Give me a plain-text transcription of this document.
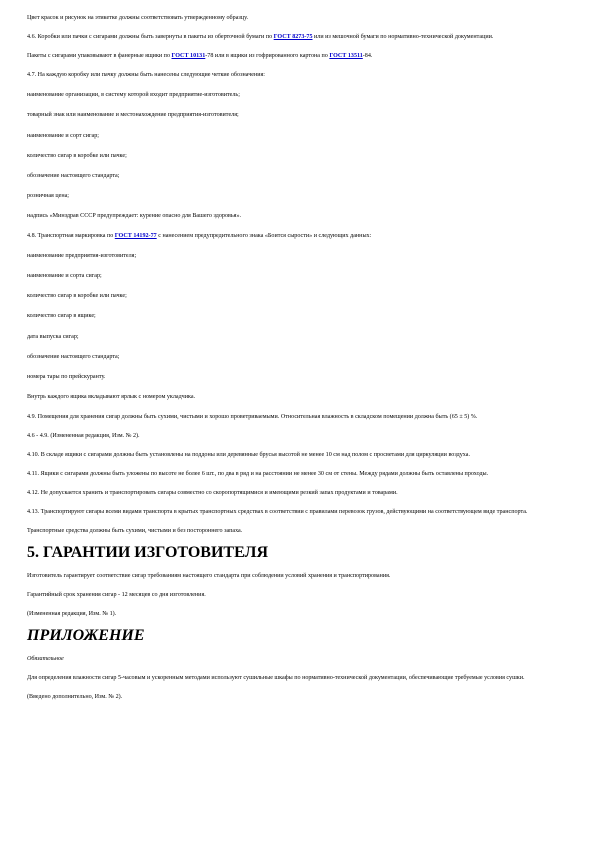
Цвет красок и рисунок на этикетке должны соответствовать утвержденному образцу.

4.6. Коробки или пачки с сигарами должны быть завернуты в пакеты из оберточной бумаги по ГОСТ 8273-75 или из мешочной бумаги по нормативно-технической документации.

Пакеты с сигарами упаковывают в фанерные ящики по ГОСТ 10131-78 или в ящики из гофрированного картона по ГОСТ 13511-84.

4.7. На каждую коробку или пачку должны быть нанесены следующие четкие обозначения:

наименование организации, в систему которой входит предприятие-изготовитель;

товарный знак или наименование и местонахождение предприятия-изготовителя;

наименование и сорт сигар;

количество сигар в коробке или пачке;

обозначение настоящего стандарта;

розничная цена;

надпись «Минздрав СССР предупреждает: курение опасно для Вашего здоровья».

4.8. Транспортная маркировка по ГОСТ 14192-77 с нанесением предупредительного знака «Боится сырости» и следующих данных:

наименование предприятия-изготовителя;

наименование и сорта сигар;

количество сигар в коробке или пачке;

количество сигар в ящике;

дата выпуска сигар;

обозначение настоящего стандарта;

номера тары по прейскуранту.

Внутрь каждого ящика вкладывают ярлык с номером укладчика.

4.9. Помещения для хранения сигар должны быть сухими, чистыми и хорошо проветриваемыми. Относительная влажность в складском помещении должна быть (65 ± 5) %.

4.6 - 4.9. (Измененная редакция, Изм. № 2).

4.10. В складе ящики с сигарами должны быть установлены на поддоны или деревянные брусья высотой не менее 10 см над полом с просветами для циркуляции воздуха.

4.11. Ящики с сигарами должны быть уложены по высоте не более 6 шт., по два в ряд и на расстоянии не менее 30 см от стены. Между рядами должны быть оставлены проходы.

4.12. Не допускается хранить и транспортировать сигары совместно со скоропортящимися и имеющими резкий запах продуктами и товарами.

4.13. Транспортируют сигары всеми видами транспорта в крытых транспортных средствах в соответствии с правилами перевозок грузов, действующими на соответствующем виде транспорта.

Транспортные средства должны быть сухими, чистыми и без постороннего запаха.

5. ГАРАНТИИ ИЗГОТОВИТЕЛЯ

Изготовитель гарантирует соответствие сигар требованиям настоящего стандарта при соблюдении условий хранения и транспортирования.

Гарантийный срок хранения сигар - 12 месяцев со дня изготовления.

(Измененная редакция, Изм. № 1).

ПРИЛОЖЕНИЕ

Обязательное

Для определения влажности сигар 5-часовым и ускоренным методами используют сушильные шкафы по нормативно-технической документации, обеспечивающие требуемые условия сушки.

(Введено дополнительно, Изм. № 2).
